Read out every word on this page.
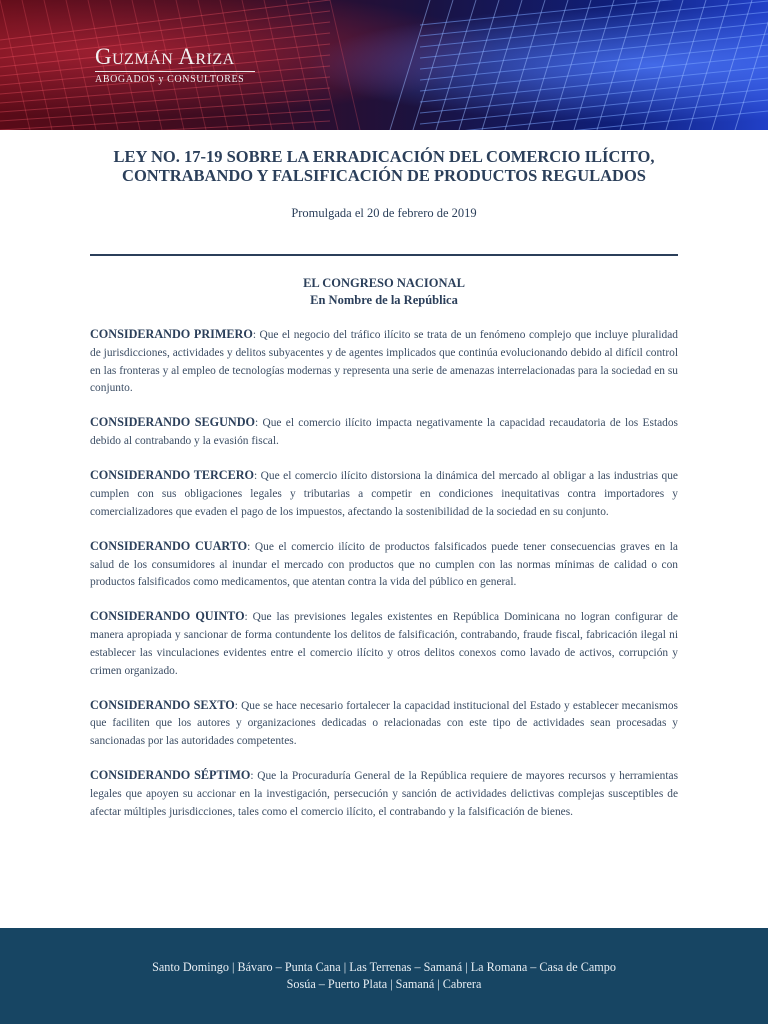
Guzmán Ariza
ABOGADOS y CONSULTORES
LEY NO. 17-19 SOBRE LA ERRADICACIÓN DEL COMERCIO ILÍCITO,
CONTRABANDO Y FALSIFICACIÓN DE PRODUCTOS REGULADOS
Promulgada el 20 de febrero de 2019
EL CONGRESO NACIONAL
En Nombre de la República

CONSIDERANDO PRIMERO: Que el negocio del tráfico ilícito se trata de un fenómeno complejo que incluye pluralidad de jurisdicciones, actividades y delitos subyacentes y de agentes implicados que continúa evolucionando debido al difícil control en las fronteras y al empleo de tecnologías modernas y representa una serie de amenazas interrelacionadas para la sociedad en su conjunto.

CONSIDERANDO SEGUNDO: Que el comercio ilícito impacta negativamente la capacidad recaudatoria de los Estados debido al contrabando y la evasión fiscal.

CONSIDERANDO TERCERO: Que el comercio ilícito distorsiona la dinámica del mercado al obligar a las industrias que cumplen con sus obligaciones legales y tributarias a competir en condiciones inequitativas contra importadores y comercializadores que evaden el pago de los impuestos, afectando la sostenibilidad de la sociedad en su conjunto.

CONSIDERANDO CUARTO: Que el comercio ilícito de productos falsificados puede tener consecuencias graves en la salud de los consumidores al inundar el mercado con productos que no cumplen con las normas mínimas de calidad o con productos falsificados como medicamentos, que atentan contra la vida del público en general.

CONSIDERANDO QUINTO: Que las previsiones legales existentes en República Dominicana no logran configurar de manera apropiada y sancionar de forma contundente los delitos de falsificación, contrabando, fraude fiscal, fabricación ilegal ni establecer las vinculaciones evidentes entre el comercio ilícito y otros delitos conexos como lavado de activos, corrupción y crimen organizado.

CONSIDERANDO SEXTO: Que se hace necesario fortalecer la capacidad institucional del Estado y establecer mecanismos que faciliten que los autores y organizaciones dedicadas o relacionadas con este tipo de actividades sean procesadas y sancionadas por las autoridades competentes.

CONSIDERANDO SÉPTIMO: Que la Procuraduría General de la República requiere de mayores recursos y herramientas legales que apoyen su accionar en la investigación, persecución y sanción de actividades delictivas complejas susceptibles de afectar múltiples jurisdicciones, tales como el comercio ilícito, el contrabando y la falsificación de bienes.

Santo Domingo | Bávaro – Punta Cana | Las Terrenas – Samaná | La Romana – Casa de Campo
Sosúa – Puerto Plata | Samaná | Cabrera
